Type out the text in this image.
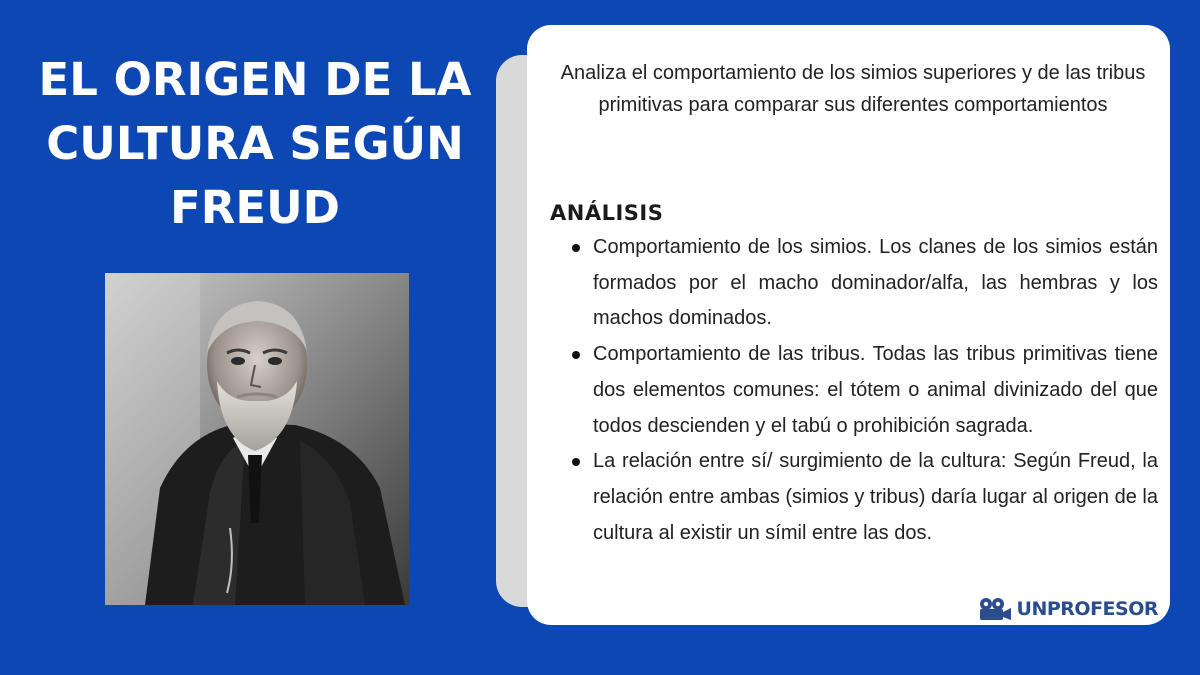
EL ORIGEN DE LA
CULTURA SEGÚN
FREUD

Analiza el comportamiento de los simios superiores y de las tribus primitivas para comparar sus diferentes comportamientos

ANÁLISIS
Comportamiento de los simios. Los clanes de los simios están formados por el macho dominador/alfa, las hembras y los machos dominados.
Comportamiento de las tribus. Todas las tribus primitivas tiene dos elementos comunes: el tótem o animal divinizado del que todos descienden y el tabú o prohibición sagrada.
La relación entre sí/ surgimiento de la cultura: Según Freud, la relación entre ambas (simios y tribus) daría lugar al origen de la cultura al existir un símil entre las dos.
UNPROFESOR
